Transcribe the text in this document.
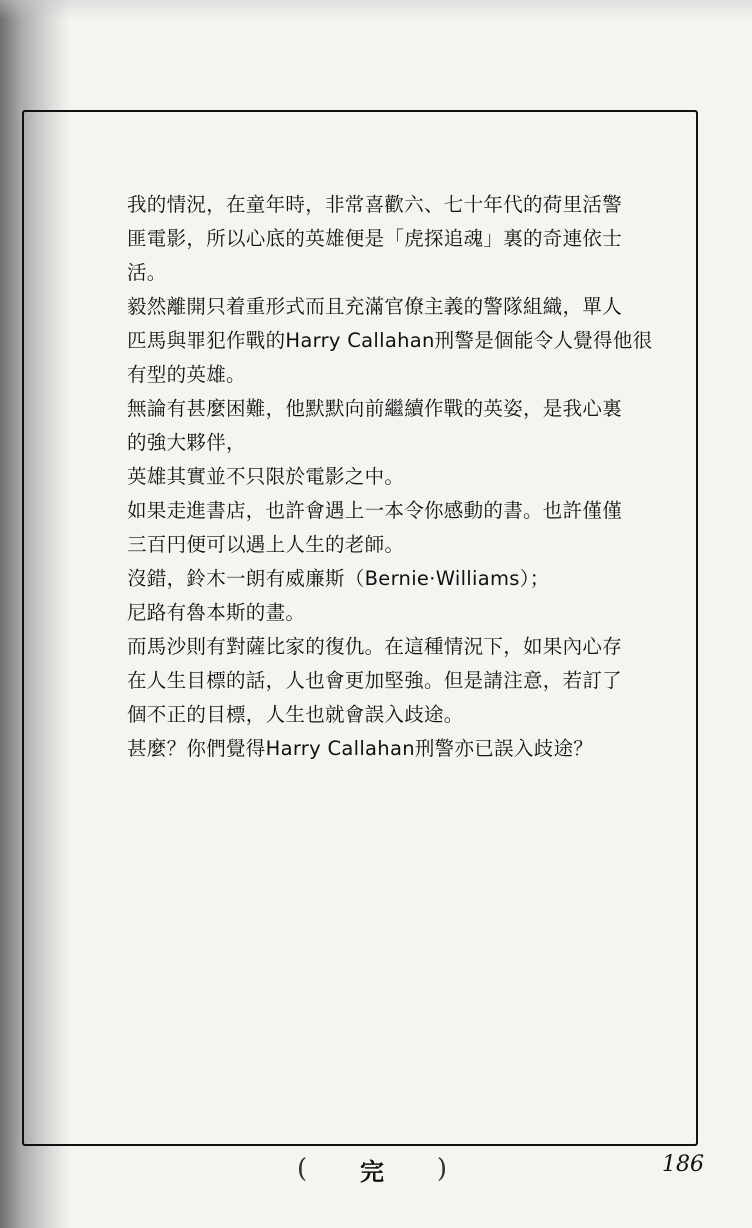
我的情況，在童年時，非常喜歡六、七十年代的荷里活警
匪電影，所以心底的英雄便是「虎探追魂」裏的奇連依士
活。
毅然離開只着重形式而且充滿官僚主義的警隊組織，單人
匹馬與罪犯作戰的Harry Callahan刑警是個能令人覺得他很
有型的英雄。
無論有甚麼困難，他默默向前繼續作戰的英姿，是我心裏
的強大夥伴，
英雄其實並不只限於電影之中。
如果走進書店，也許會遇上一本令你感動的書。也許僅僅
三百円便可以遇上人生的老師。
沒錯，鈴木一朗有威廉斯（Bernie·Williams）；
尼路有魯本斯的畫。
而馬沙則有對薩比家的復仇。在這種情況下，如果內心存
在人生目標的話，人也會更加堅強。但是請注意，若訂了
個不正的目標，人生也就會誤入歧途。
甚麼？你們覺得Harry Callahan刑警亦已誤入歧途？
( 完 )	186
